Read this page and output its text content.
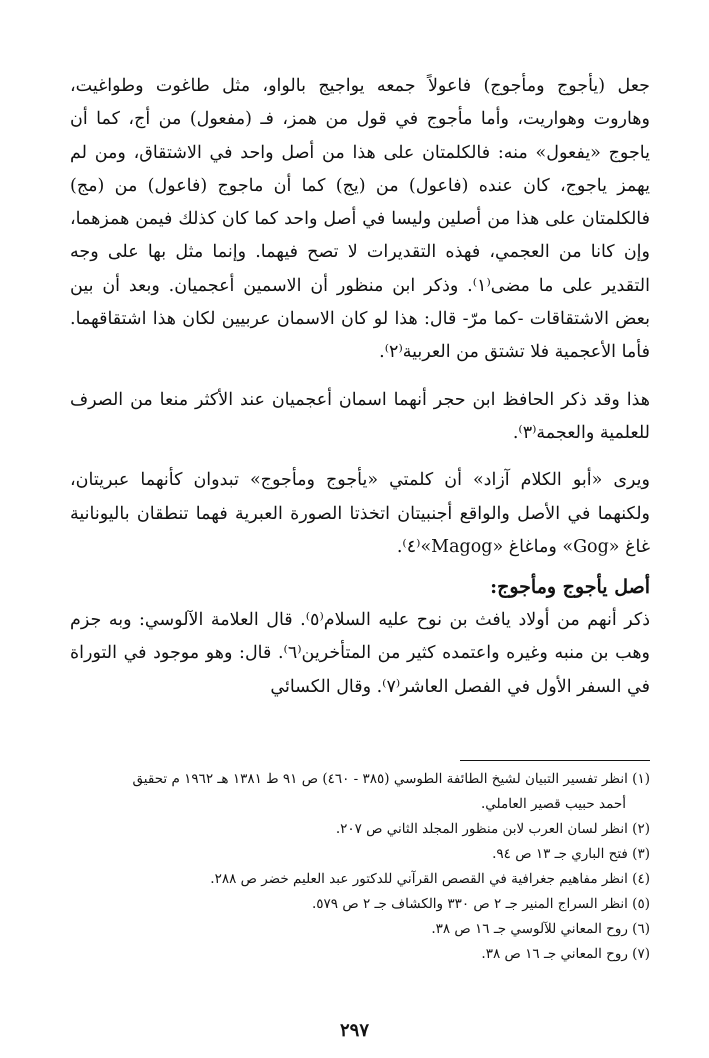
جعل (يأجوج ومأجوج) فاعولاً جمعه يواجيج بالواو، مثل طاغوت وطواغيت، وهاروت وهواريت، وأما مأجوج في قول من همز، فـ (مفعول) من أج، كما أن ياجوج «يفعول» منه: فالكلمتان على هذا من أصل واحد في الاشتقاق، ومن لم يهمز ياجوج، كان عنده (فاعول) من (يج) كما أن ماجوج (فاعول) من (مج) فالكلمتان على هذا من أصلين وليسا في أصل واحد كما كان كذلك فيمن همزهما، وإن كانا من العجمي، فهذه التقديرات لا تصح فيهما. وإنما مثل بها على وجه التقدير على ما مضى⁽١⁾. وذكر ابن منظور أن الاسمين أعجميان. وبعد أن بين بعض الاشتقاقات -كما مرّ- قال: هذا لو كان الاسمان عربيين لكان هذا اشتقاقهما. فأما الأعجمية فلا تشتق من العربية⁽٢⁾.

هذا وقد ذكر الحافظ ابن حجر أنهما اسمان أعجميان عند الأكثر منعا من الصرف للعلمية والعجمة⁽٣⁾.

ويرى «أبو الكلام آزاد» أن كلمتي «يأجوج ومأجوج» تبدوان كأنهما عبريتان، ولكنهما في الأصل والواقع أجنبيتان اتخذتا الصورة العبرية فهما تنطقان باليونانية غاغ «Gog» وماغاغ «Magog»⁽٤⁾.

أصل يأجوج ومأجوج:

ذكر أنهم من أولاد يافث بن نوح عليه السلام⁽٥⁾. قال العلامة الآلوسي: وبه جزم وهب بن منبه وغيره واعتمده كثير من المتأخرين⁽٦⁾. قال: وهو موجود في التوراة في السفر الأول في الفصل العاشر⁽٧⁾. وقال الكسائي

(١) انظر تفسير التبيان لشيخ الطائفة الطوسي (٣٨٥ - ٤٦٠) ص ٩١ ط ١٣٨١ هـ ١٩٦٢ م تحقيق

أحمد حبيب قصير العاملي.

(٢) انظر لسان العرب لابن منظور المجلد الثاني ص ٢٠٧.

(٣) فتح الباري جـ ١٣ ص ٩٤.

(٤) انظر مفاهيم جغرافية في القصص القرآني للدكتور عبد العليم خضر ص ٢٨٨.

(٥) انظر السراج المنير جـ ٢ ص ٣٣٠ والكشاف جـ ٢ ص ٥٧٩.

(٦) روح المعاني للآلوسي جـ ١٦ ص ٣٨.

(٧) روح المعاني جـ ١٦ ص ٣٨.

٢٩٧
